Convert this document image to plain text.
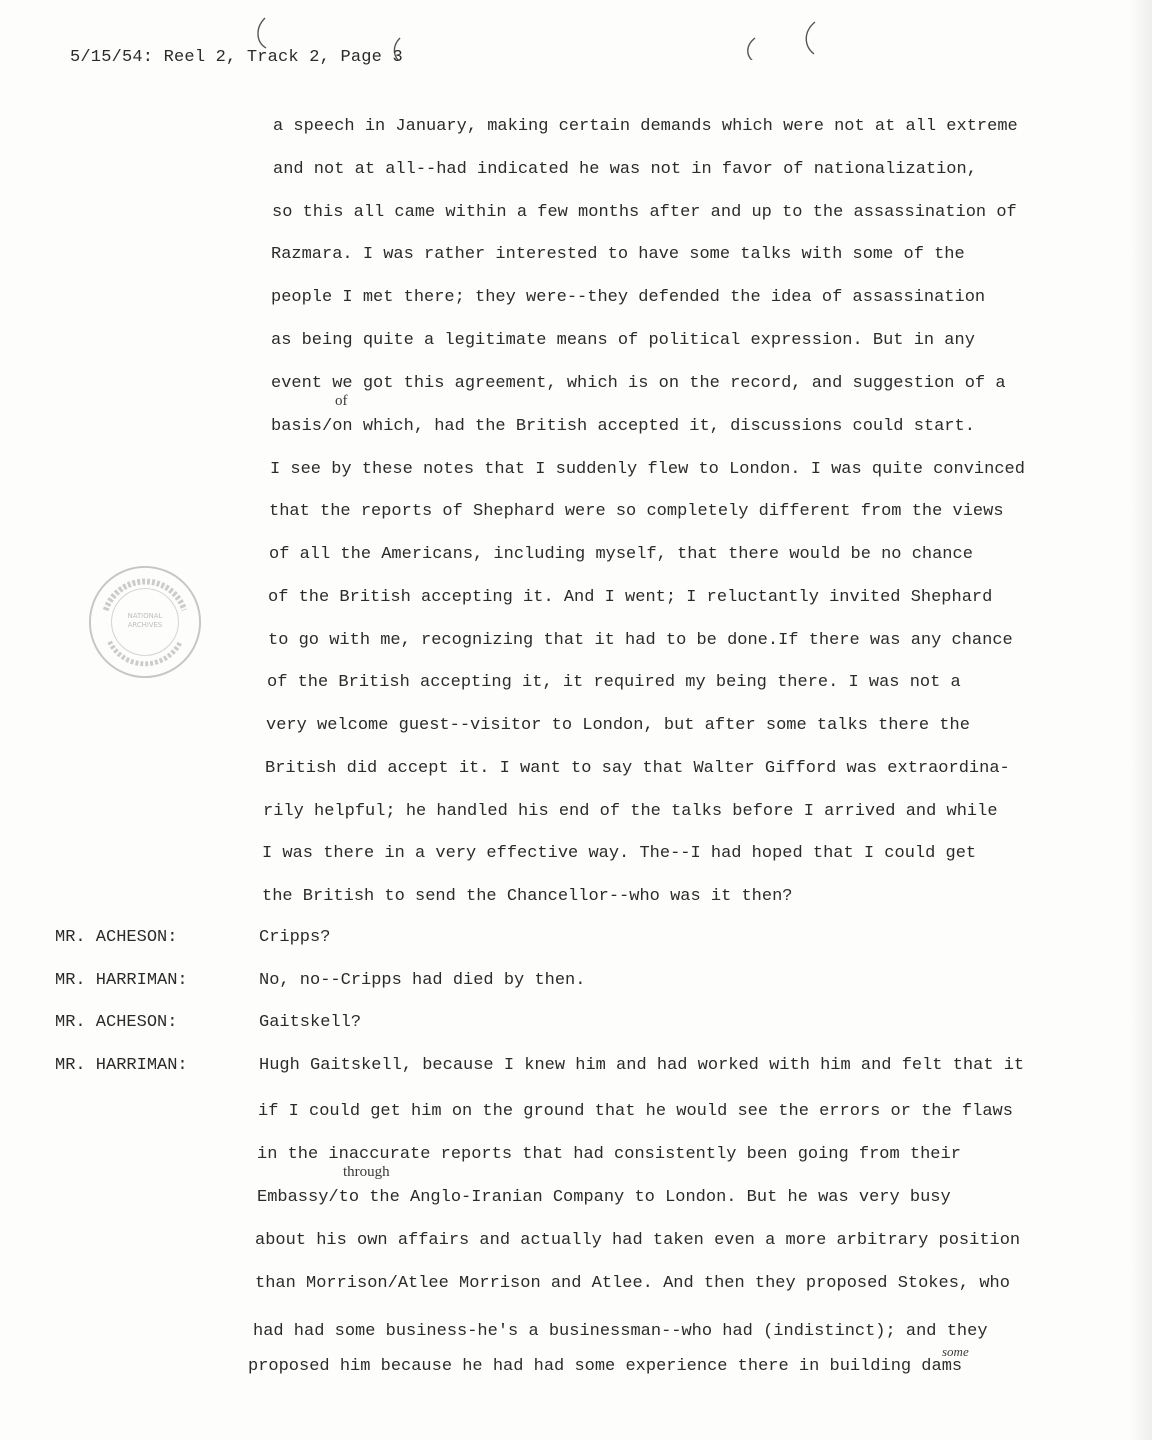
5/15/54: Reel 2, Track 2, Page 3
NATIONAL
ARCHIVES
a speech in January, making certain demands which were not at all extreme
and not at all--had indicated he was not in favor of nationalization,
so this all came within a few months after and up to the assassination of
Razmara. I was rather interested to have some talks with some of the
people I met there; they were--they defended the idea of assassination
as being quite a legitimate means of political expression. But in any
event we got this agreement, which is on the record, and suggestion of a
basis/on which, had the British accepted it, discussions could start.
I see by these notes that I suddenly flew to London. I was quite convinced
that the reports of Shephard were so completely different from the views
of all the Americans, including myself, that there would be no chance
of the British accepting it. And I went; I reluctantly invited Shephard
to go with me, recognizing that it had to be done.If there was any chance
of the British accepting it, it required my being there. I was not a
very welcome guest--visitor to London, but after some talks there the
British did accept it. I want to say that Walter Gifford was extraordina-
rily helpful; he handled his end of the talks before I arrived and while
I was there in a very effective way. The--I had hoped that I could get
the British to send the Chancellor--who was it then?
of
through
some
MR. ACHESON:	Cripps?
MR. HARRIMAN:	No, no--Cripps had died by then.
MR. ACHESON:	Gaitskell?
MR. HARRIMAN:	Hugh Gaitskell, because I knew him and had worked with him and felt that it
if I could get him on the ground that he would see the errors or the flaws
in the inaccurate reports that had consistently been going from their
Embassy/to the Anglo-Iranian Company to London. But he was very busy
about his own affairs and actually had taken even a more arbitrary position
than Morrison/Atlee Morrison and Atlee. And then they proposed Stokes, who
had had some business-he's a businessman--who had (indistinct); and they
proposed him because he had had some experience there in building dams
